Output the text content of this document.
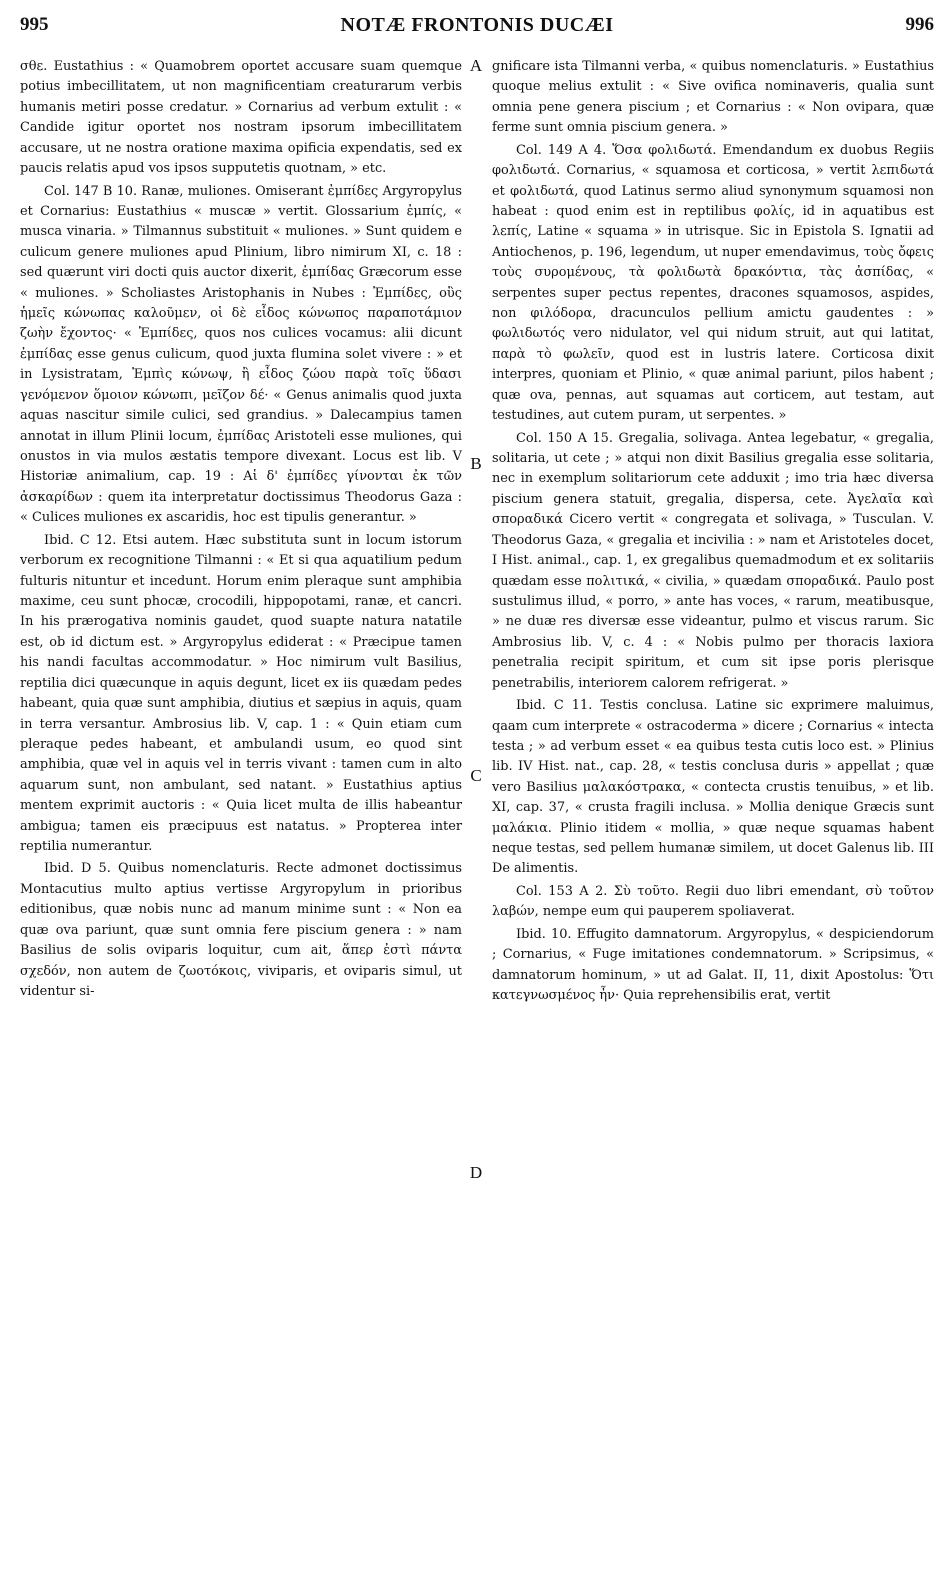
995	NOTÆ FRONTONIS DUCÆI	996

σθε. Eustathius : « Quamobrem oportet accusare suam quemque potius imbecillitatem, ut non magnificentiam creaturarum verbis humanis metiri posse credatur. » Cornarius ad verbum extulit : « Candide igitur oportet nos nostram ipsorum imbecillitatem accusare, ut ne nostra oratione maxima opificia expendatis, sed ex paucis relatis apud vos ipsos supputetis quotnam, » etc.

Col. 147 B 10. Ranæ, muliones. Omiserant ἐμπίδες Argyropylus et Cornarius: Eustathius « muscæ » vertit. Glossarium ἐμπίς, « musca vinaria. » Tilmannus substituit « muliones. » Sunt quidem e culicum genere muliones apud Plinium, libro nimirum XI, c. 18 : sed quærunt viri docti quis auctor dixerit, ἐμπίδας Græcorum esse « muliones. » Scholiastes Aristophanis in Nubes : Ἐμπίδες, οὓς ἡμεῖς κώνωπας καλοῦμεν, οἱ δὲ εἶδος κώνωπος παραποτάμιον ζωὴν ἔχοντος· « Ἐμπίδες, quos nos culices vocamus: alii dicunt ἐμπίδας esse genus culicum, quod juxta flumina solet vivere : » et in Lysistratam, Ἐμπὶς κώνωψ, ἢ εἶδος ζώου παρὰ τοῖς ὕδασι γενόμενον ὅμοιον κώνωπι, μεῖζον δέ· « Genus animalis quod juxta aquas nascitur simile culici, sed grandius. » Dalecampius tamen annotat in illum Plinii locum, ἐμπίδας Aristoteli esse muliones, qui onustos in via mulos æstatis tempore divexant. Locus est lib. V Historiæ animalium, cap. 19 : Αἱ δ' ἐμπίδες γίνονται ἐκ τῶν ἀσκαρίδων : quem ita interpretatur doctissimus Theodorus Gaza : « Culices muliones ex ascaridis, hoc est tipulis generantur. »

Ibid. C 12. Etsi autem. Hæc substituta sunt in locum istorum verborum ex recognitione Tilmanni : « Et si qua aquatilium pedum fulturis nituntur et incedunt. Horum enim pleraque sunt amphibia maxime, ceu sunt phocæ, crocodili, hippopotami, ranæ, et cancri. In his prærogativa nominis gaudet, quod suapte natura natatile est, ob id dictum est. » Argyropylus ediderat : « Præcipue tamen his nandi facultas accommodatur. » Hoc nimirum vult Basilius, reptilia dici quæcunque in aquis degunt, licet ex iis quædam pedes habeant, quia quæ sunt amphibia, diutius et sæpius in aquis, quam in terra versantur. Ambrosius lib. V, cap. 1 : « Quin etiam cum pleraque pedes habeant, et ambulandi usum, eo quod sint amphibia, quæ vel in aquis vel in terris vivant : tamen cum in alto aquarum sunt, non ambulant, sed natant. » Eustathius aptius mentem exprimit auctoris : « Quia licet multa de illis habeantur ambigua; tamen eis præcipuus est natatus. » Propterea inter reptilia numerantur.

Ibid. D 5. Quibus nomenclaturis. Recte admonet doctissimus Montacutius multo aptius vertisse Argyropylum in prioribus editionibus, quæ nobis nunc ad manum minime sunt : « Non ea quæ ova pariunt, quæ sunt omnia fere piscium genera : » nam Basilius de solis oviparis loquitur, cum ait, ἅπερ ἐστὶ πάντα σχεδόν, non autem de ζωοτόκοις, viviparis, et oviparis simul, ut videntur si-

A
B
C
D

gnificare ista Tilmanni verba, « quibus nomenclaturis. » Eustathius quoque melius extulit : « Sive ovifica nominaveris, qualia sunt omnia pene genera piscium ; et Cornarius : « Non ovipara, quæ ferme sunt omnia piscium genera. »

Col. 149 A 4. Ὅσα φολιδωτά. Emendandum ex duobus Regiis φολιδωτά. Cornarius, « squamosa et corticosa, » vertit λεπιδωτά et φολιδωτά, quod Latinus sermo aliud synonymum squamosi non habeat : quod enim est in reptilibus φολίς, id in aquatibus est λεπίς, Latine « squama » in utrisque. Sic in Epistola S. Ignatii ad Antiochenos, p. 196, legendum, ut nuper emendavimus, τοὺς ὄφεις τοὺς συρομένους, τὰ φολιδωτὰ δρακόντια, τὰς ἀσπίδας, « serpentes super pectus repentes, dracones squamosos, aspides, non φιλόδορα, dracunculos pellium amictu gaudentes : » φωλιδωτός vero nidulator, vel qui nidum struit, aut qui latitat, παρὰ τὸ φωλεῖν, quod est in lustris latere. Corticosa dixit interpres, quoniam et Plinio, « quæ animal pariunt, pilos habent ; quæ ova, pennas, aut squamas aut corticem, aut testam, aut testudines, aut cutem puram, ut serpentes. »

Col. 150 A 15. Gregalia, solivaga. Antea legebatur, « gregalia, solitaria, ut cete ; » atqui non dixit Basilius gregalia esse solitaria, nec in exemplum solitariorum cete adduxit ; imo tria hæc diversa piscium genera statuit, gregalia, dispersa, cete. Ἀγελαῖα καὶ σποραδικά Cicero vertit « congregata et solivaga, » Tusculan. V. Theodorus Gaza, « gregalia et incivilia : » nam et Aristoteles docet, I Hist. animal., cap. 1, ex gregalibus quemadmodum et ex solitariis quædam esse πολιτικά, « civilia, » quædam σποραδικά. Paulo post sustulimus illud, « porro, » ante has voces, « rarum, meatibusque, » ne duæ res diversæ esse videantur, pulmo et viscus rarum. Sic Ambrosius lib. V, c. 4 : « Nobis pulmo per thoracis laxiora penetralia recipit spiritum, et cum sit ipse poris plerisque penetrabilis, interiorem calorem refrigerat. »

Ibid. C 11. Testis conclusa. Latine sic exprimere maluimus, qaam cum interprete « ostracoderma » dicere ; Cornarius « intecta testa ; » ad verbum esset « ea quibus testa cutis loco est. » Plinius lib. IV Hist. nat., cap. 28, « testis conclusa duris » appellat ; quæ vero Basilius μαλακόστρακα, « contecta crustis tenuibus, » et lib. XI, cap. 37, « crusta fragili inclusa. » Mollia denique Græcis sunt μαλάκια. Plinio itidem « mollia, » quæ neque squamas habent neque testas, sed pellem humanæ similem, ut docet Galenus lib. III De alimentis.

Col. 153 A 2. Σὺ τοῦτο. Regii duo libri emendant, σὺ τοῦτον λαβών, nempe eum qui pauperem spoliaverat.

Ibid. 10. Effugito damnatorum. Argyropylus, « despiciendorum ; Cornarius, « Fuge imitationes condemnatorum. » Scripsimus, « damnatorum hominum, » ut ad Galat. II, 11, dixit Apostolus: Ὅτι κατεγνωσμένος ἦν· Quia reprehensibilis erat, vertit
